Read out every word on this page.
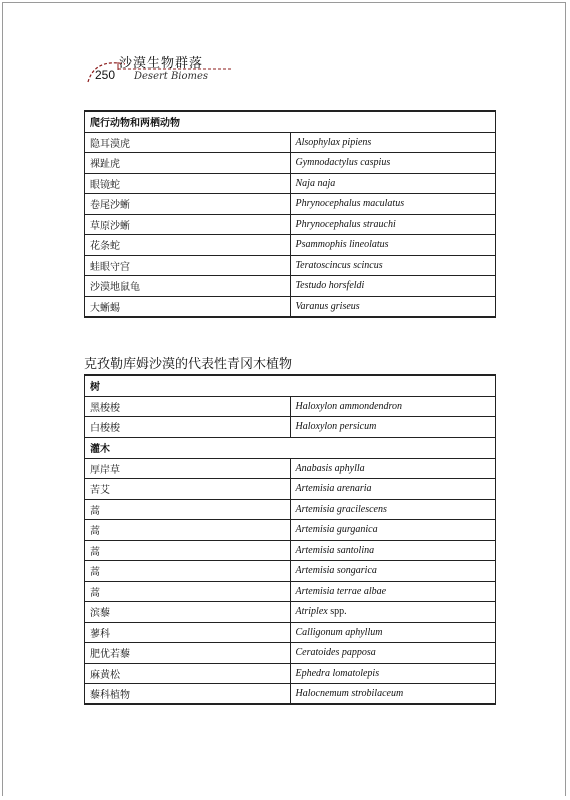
250
沙漠生物群落
Desert Biomes
爬行动物和两栖动物	
隐耳漠虎	Alsophylax pipiens
裸趾虎	Gymnodactylus caspius
眼镜蛇	Naja naja
卷尾沙蜥	Phrynocephalus maculatus
草原沙蜥	Phrynocephalus strauchi
花条蛇	Psammophis lineolatus
蛙眼守宫	Teratoscincus scincus
沙漠地鼠龟	Testudo horsfeldi
大蜥蜴	Varanus griseus
克孜勒库姆沙漠的代表性青冈木植物
树	
黑梭梭	Haloxylon ammondendron
白梭梭	Haloxylon persicum
灌木	
厚岸草	Anabasis aphylla
苦艾	Artemisia arenaria
蒿	Artemisia gracilescens
蒿	Artemisia gurganica
蒿	Artemisia santolina
蒿	Artemisia songarica
蒿	Artemisia terrae albae
滨藜	Atriplex spp.
蓼科	Calligonum aphyllum
肥优若藜	Ceratoides papposa
麻黄松	Ephedra lomatolepis
藜科植物	Halocnemum strobilaceum
